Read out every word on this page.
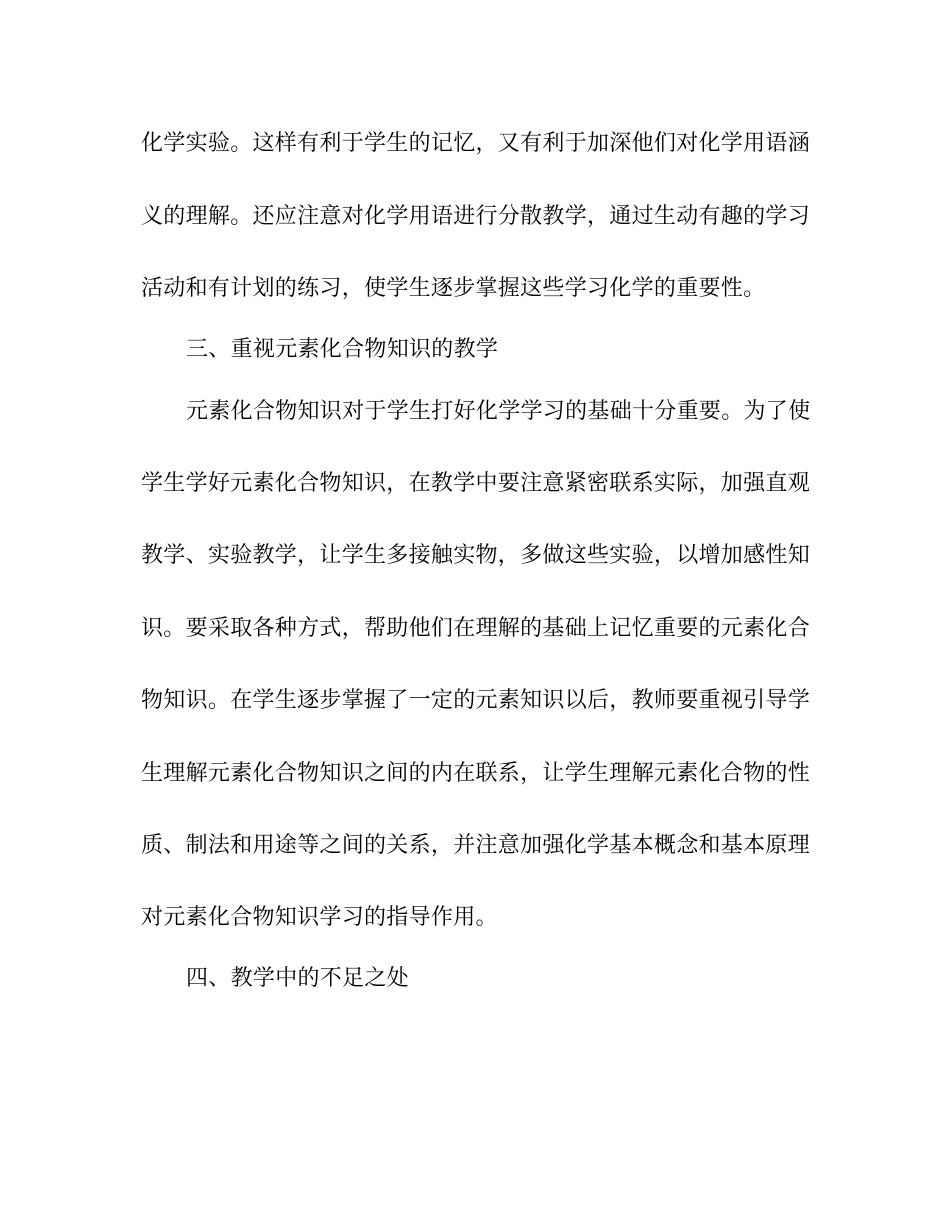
化学实验。这样有利于学生的记忆，又有利于加深他们对化学用语涵
义的理解。还应注意对化学用语进行分散教学，通过生动有趣的学习
活动和有计划的练习，使学生逐步掌握这些学习化学的重要性。
三、重视元素化合物知识的教学
元素化合物知识对于学生打好化学学习的基础十分重要。为了使
学生学好元素化合物知识，在教学中要注意紧密联系实际，加强直观
教学、实验教学，让学生多接触实物，多做这些实验，以增加感性知
识。要采取各种方式，帮助他们在理解的基础上记忆重要的元素化合
物知识。在学生逐步掌握了一定的元素知识以后，教师要重视引导学
生理解元素化合物知识之间的内在联系，让学生理解元素化合物的性
质、制法和用途等之间的关系，并注意加强化学基本概念和基本原理
对元素化合物知识学习的指导作用。
四、教学中的不足之处
